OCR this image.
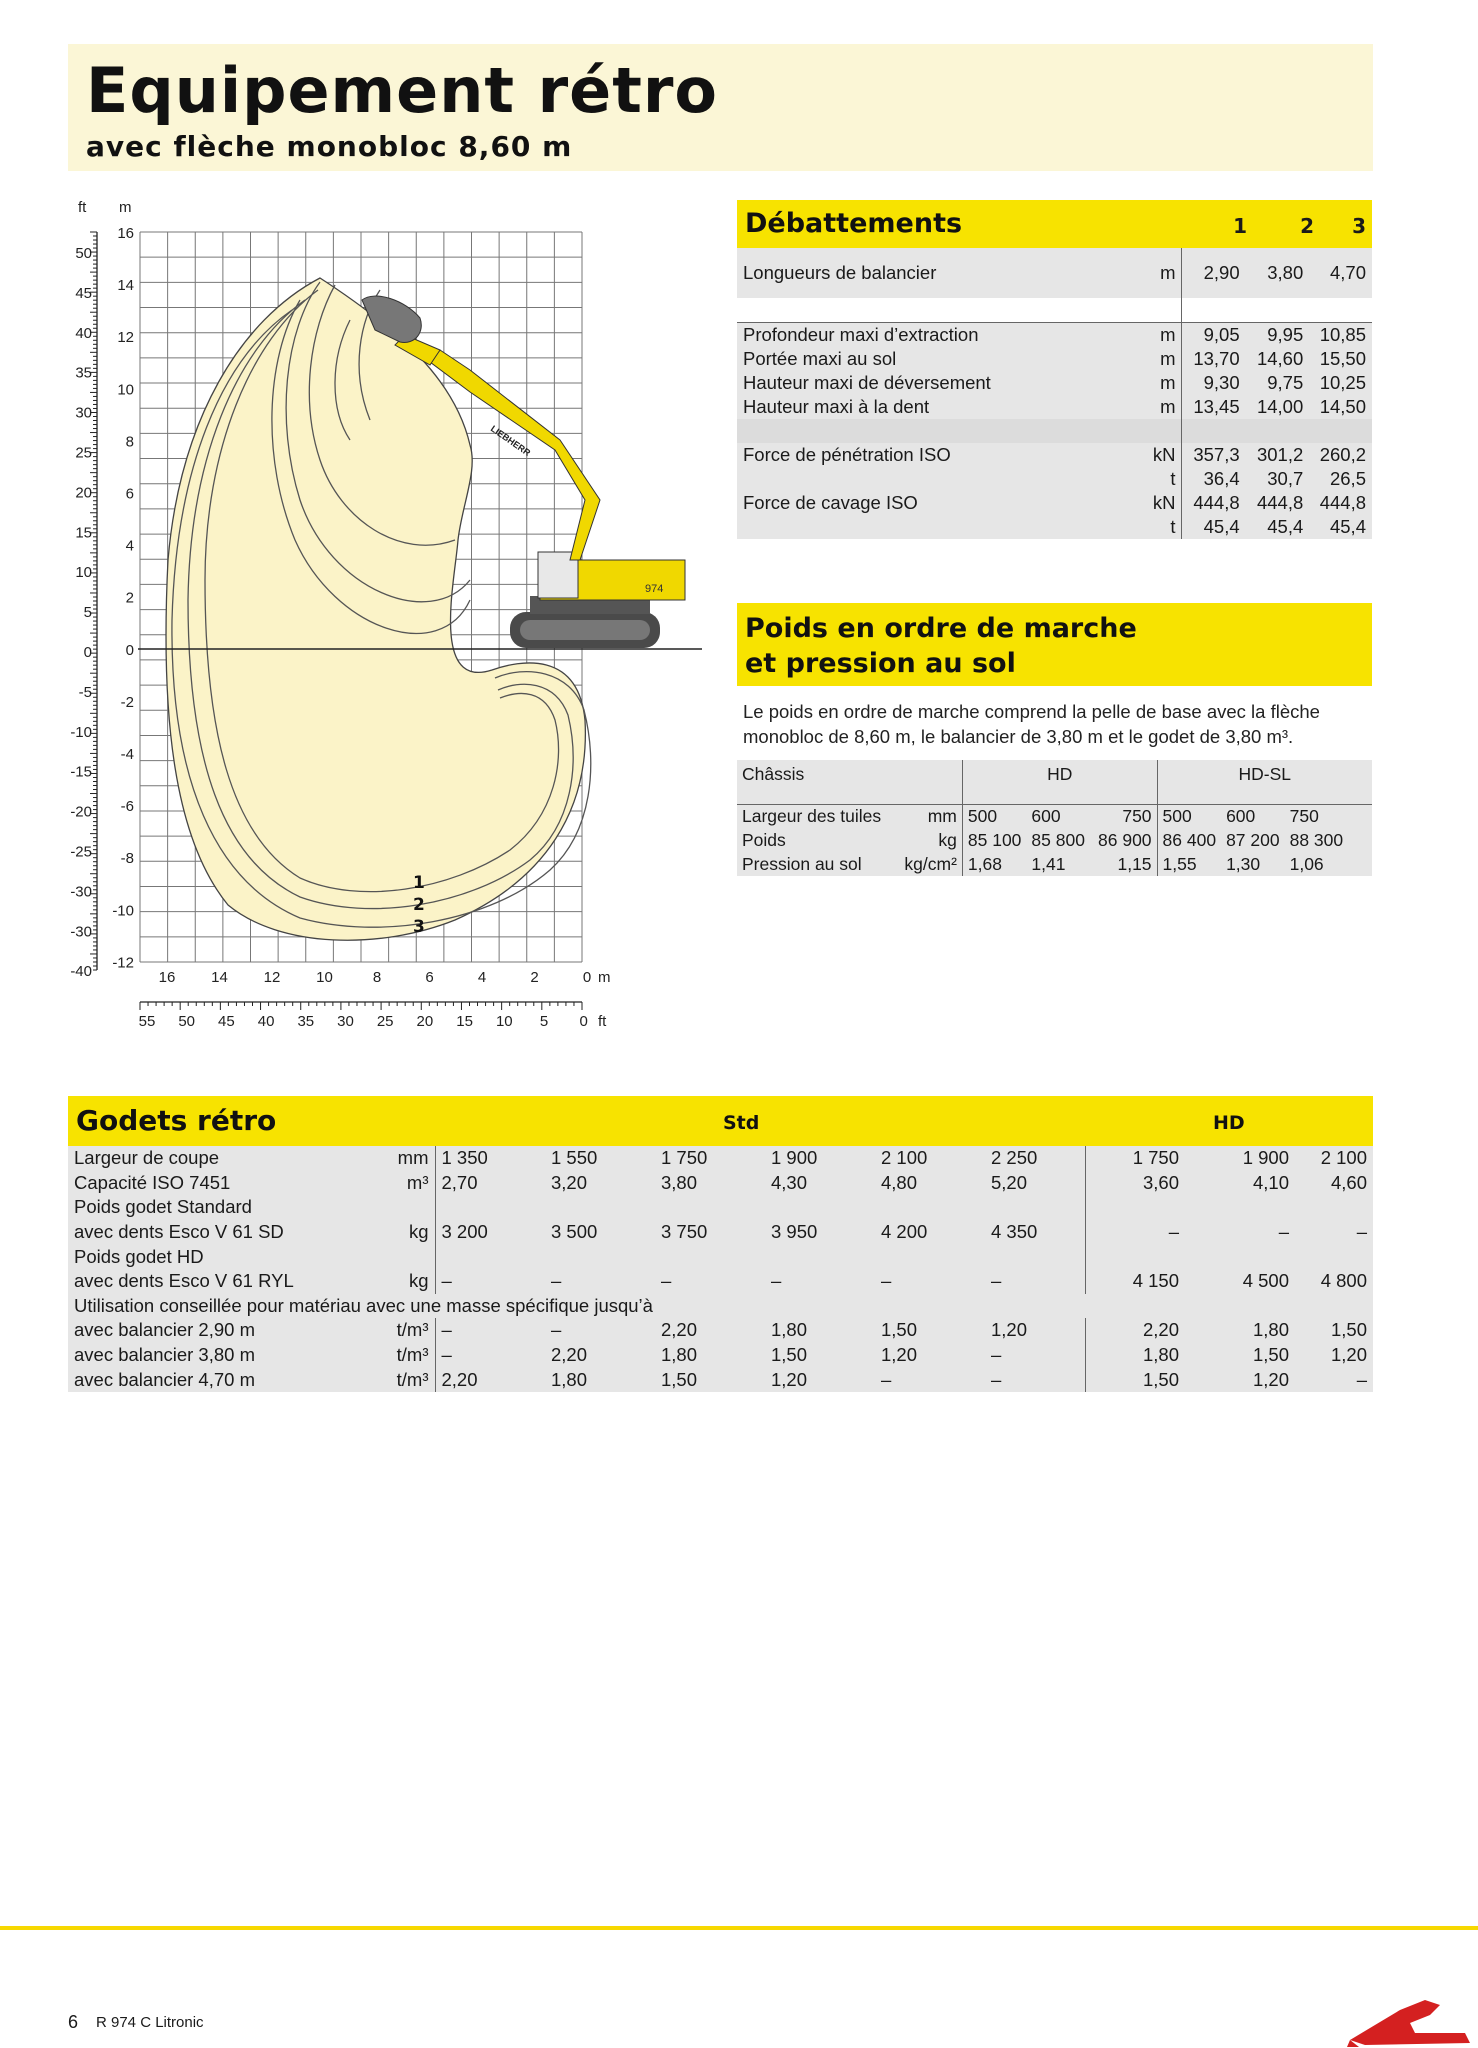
Equipement rétro
avec flèche monobloc 8,60 m
974
LIEBHERR
1
2
3
ft m
m
ft
50
45
40
35
30
25
20
15
10
5
0
-5
-10
-15
-20
-25
-30
-30
-40
16
14
12
10
8
6
4
2
0
-2
-4
-6
-8
-10
-12
16 14 12 10	8	6	4	2	0
55 50 45 40 35 30 25 20 15 10 5 0
Débattements	1	2	3
Longueurs de balancier	m	2,90	3,80	4,70

Profondeur maxi d’extraction	m	9,05	9,95	10,85
Portée maxi au sol	m	13,70	14,60	15,50
Hauteur maxi de déversement	m	9,30	9,75	10,25
Hauteur maxi à la dent	m	13,45	14,00	14,50

Force de pénétration ISO	kN	357,3	301,2	260,2
	t	36,4	30,7	26,5
Force de cavage ISO	kN	444,8	444,8	444,8
	t	45,4	45,4	45,4
Poids en ordre de marche
et pression au sol
Le poids en ordre de marche comprend la pelle de base avec la flèche monobloc de 8,60 m, le balancier de 3,80 m et le godet de 3,80 m³.
Châssis		HD			HD-SL		
Largeur des tuiles	mm	500	600	750	500	600	750
Poids	kg	85 100	85 800	86 900	86 400	87 200	88 300
Pression au sol	kg/cm²	1,68	1,41	1,15	1,55	1,30	1,06
Godets rétro	Std	HD
Largeur de coupe	mm	1 350	1 550	1 750	1 900	2 100	2 250	1 750	1 900	2 100
Capacité ISO 7451	m³	2,70	3,20	3,80	4,30	4,80	5,20	3,60	4,10	4,60
Poids godet Standard										
avec dents Esco V 61 SD	kg	3 200	3 500	3 750	3 950	4 200	4 350	–	–	–
Poids godet HD										
avec dents Esco V 61 RYL	kg	–	–	–	–	–	–	4 150	4 500	4 800
Utilisation conseillée pour matériau avec une masse spécifique jusqu’à										
avec balancier 2,90 m	t/m³	–	–	2,20	1,80	1,50	1,20	2,20	1,80	1,50
avec balancier 3,80 m	t/m³	–	2,20	1,80	1,50	1,20	–	1,80	1,50	1,20
avec balancier 4,70 m	t/m³	2,20	1,80	1,50	1,20	–	–	1,50	1,20	–
6 R 974 C Litronic
